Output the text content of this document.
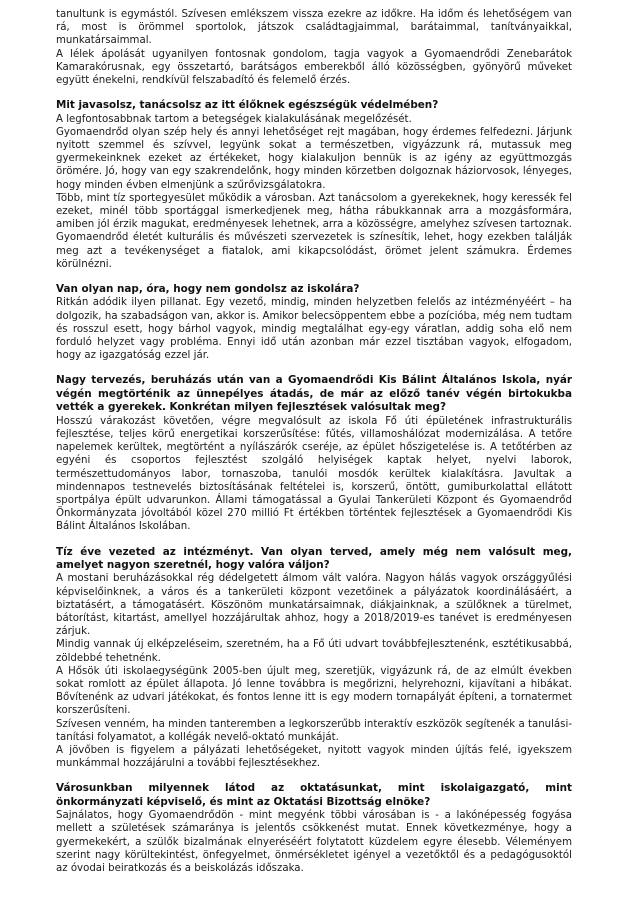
tanultunk is egymástól. Szívesen emlékszem vissza ezekre az időkre. Ha időm és lehetőségem van rá, most is örömmel sportolok, játszok családtagjaimmal, barátaimmal, tanítványaikkal, munkatársaimmal.

A lélek ápolását ugyanilyen fontosnak gondolom, tagja vagyok a Gyomaendrődi Zenebarátok Kamarakórusnak, egy összetartó, barátságos emberekből álló közösségben, gyönyörű műveket együtt énekelni, rendkívül felszabadító és felemelő érzés.

Mit javasolsz, tanácsolsz az itt élőknek egészségük védelmében?

A legfontosabbnak tartom a betegségek kialakulásának megelőzését.

Gyomaendrőd olyan szép hely és annyi lehetőséget rejt magában, hogy érdemes felfedezni. Járjunk nyitott szemmel és szívvel, legyünk sokat a természetben, vigyázzunk rá, mutassuk meg gyermekeinknek ezeket az értékeket, hogy kialakuljon bennük is az igény az együttmozgás örömére. Jó, hogy van egy szakrendelőnk, hogy minden körzetben dolgoznak háziorvosok, lényeges, hogy minden évben elmenjünk a szűrővizsgálatokra.

Több, mint tíz sportegyesület működik a városban. Azt tanácsolom a gyerekeknek, hogy keressék fel ezeket, minél több sportággal ismerkedjenek meg, hátha rábukkannak arra a mozgásformára, amiben jól érzik magukat, eredményesek lehetnek, arra a közösségre, amelyhez szívesen tartoznak. Gyomaendrőd életét kulturális és művészeti szervezetek is színesítik, lehet, hogy ezekben találják meg azt a tevékenységet a fiatalok, ami kikapcsolódást, örömet jelent számukra. Érdemes körülnézni.

Van olyan nap, óra, hogy nem gondolsz az iskolára?

Ritkán adódik ilyen pillanat. Egy vezető, mindig, minden helyzetben felelős az intézményéért – ha dolgozik, ha szabadságon van, akkor is. Amikor belecsöppentem ebbe a pozícióba, még nem tudtam és rosszul esett, hogy bárhol vagyok, mindig megtalálhat egy-egy váratlan, addig soha elő nem forduló helyzet vagy probléma. Ennyi idő után azonban már ezzel tisztában vagyok, elfogadom, hogy az igazgatóság ezzel jár.

Nagy tervezés, beruházás után van a Gyomaendrődi Kis Bálint Általános Iskola, nyár végén megtörténik az ünnepélyes átadás, de már az előző tanév végén birtokukba vették a gyerekek. Konkrétan milyen fejlesztések valósultak meg?

Hosszú várakozást követően, végre megvalósult az iskola Fő úti épületének infrastrukturális fejlesztése, teljes körű energetikai korszerűsítése: fűtés, villamoshálózat modernizálása. A tetőre napelemek kerültek, megtörtént a nyílászárók cseréje, az épület hőszigetelése is. A tetőtérben az egyéni és csoportos fejlesztést szolgáló helyiségek kaptak helyet, nyelvi laborok, természettudományos labor, tornaszoba, tanulói mosdók kerültek kialakításra. Javultak a mindennapos testnevelés biztosításának feltételei is, korszerű, öntött, gumiburkolattal ellátott sportpálya épült udvarunkon. Állami támogatással a Gyulai Tankerületi Központ és Gyomaendrőd Önkormányzata jóvoltából közel 270 millió Ft értékben történtek fejlesztések a Gyomaendrődi Kis Bálint Általános Iskolában.

Tíz éve vezeted az intézményt. Van olyan terved, amely még nem valósult meg, amelyet nagyon szeretnél, hogy valóra váljon?

A mostani beruházásokkal rég dédelgetett álmom vált valóra. Nagyon hálás vagyok országgyűlési képviselőinknek, a város és a tankerületi központ vezetőinek a pályázatok koordinálásáért, a biztatásért, a támogatásért. Köszönöm munkatársaimnak, diákjainknak, a szülőknek a türelmet, bátorítást, kitartást, amellyel hozzájárultak ahhoz, hogy a 2018/2019-es tanévet is eredményesen zárjuk.

Mindig vannak új elképzeléseim, szeretném, ha a Fő úti udvart továbbfejlesztenénk, esztétikusabbá, zöldebbé tehetnénk.

A Hősök úti iskolaegységünk 2005-ben újult meg, szeretjük, vigyázunk rá, de az elmúlt években sokat romlott az épület állapota. Jó lenne továbbra is megőrizni, helyrehozni, kijavítani a hibákat. Bővítenénk az udvari játékokat, és fontos lenne itt is egy modern tornapályát építeni, a tornatermet korszerűsíteni.

Szívesen venném, ha minden tanteremben a legkorszerűbb interaktív eszközök segítenék a tanulási-tanítási folyamatot, a kollégák nevelő-oktató munkáját.

A jövőben is figyelem a pályázati lehetőségeket, nyitott vagyok minden újítás felé, igyekszem munkámmal hozzájárulni a további fejlesztésekhez.

Városunkban milyennek látod az oktatásunkat, mint iskolaigazgató, mint önkormányzati képviselő, és mint az Oktatási Bizottság elnöke?

Sajnálatos, hogy Gyomaendrődön - mint megyénk többi városában is - a lakónépesség fogyása mellett a születések számaránya is jelentős csökkenést mutat. Ennek következménye, hogy a gyermekekért, a szülők bizalmának elnyeréséért folytatott küzdelem egyre élesebb. Véleményem szerint nagy körültekintést, önfegyelmet, önmérsékletet igényel a vezetőktől és a pedagógusoktól az óvodai beiratkozás és a beiskolázás időszaka.
